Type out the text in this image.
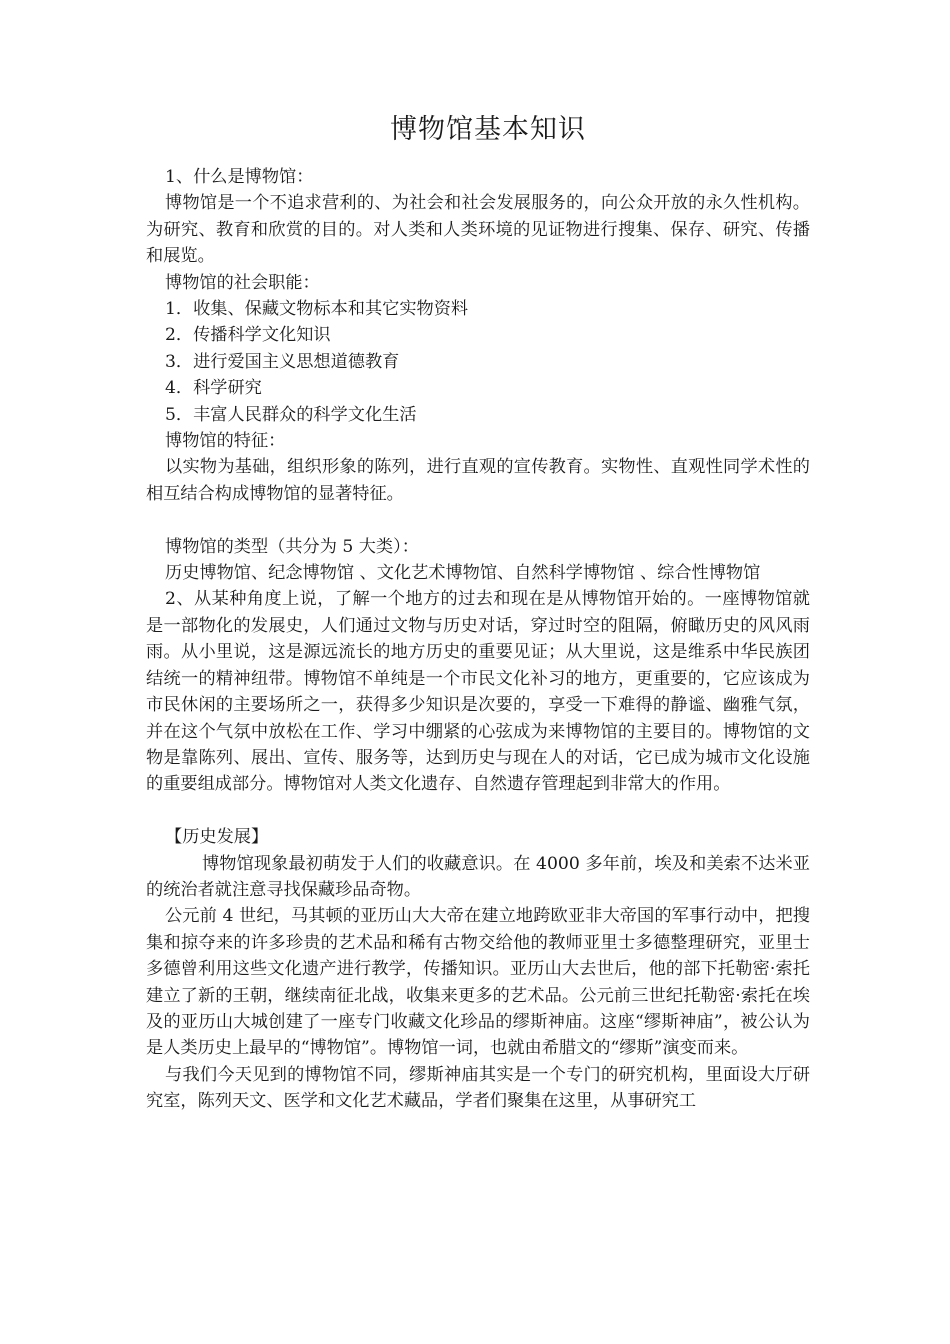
博物馆基本知识

1、什么是博物馆：

博物馆是一个不追求营利的、为社会和社会发展服务的，向公众开放的永久性机构。为研究、教育和欣赏的目的。对人类和人类环境的见证物进行搜集、保存、研究、传播和展览。

博物馆的社会职能：

1．收集、保藏文物标本和其它实物资料

2．传播科学文化知识

3．进行爱国主义思想道德教育

4．科学研究

5．丰富人民群众的科学文化生活

博物馆的特征：

以实物为基础，组织形象的陈列，进行直观的宣传教育。实物性、直观性同学术性的相互结合构成博物馆的显著特征。

博物馆的类型（共分为 5 大类）：

历史博物馆、纪念博物馆 、文化艺术博物馆、自然科学博物馆 、综合性博物馆

2、从某种角度上说，了解一个地方的过去和现在是从博物馆开始的。一座博物馆就是一部物化的发展史，人们通过文物与历史对话，穿过时空的阻隔，俯瞰历史的风风雨雨。从小里说，这是源远流长的地方历史的重要见证；从大里说，这是维系中华民族团结统一的精神纽带。博物馆不单纯是一个市民文化补习的地方，更重要的，它应该成为市民休闲的主要场所之一，获得多少知识是次要的，享受一下难得的静谧、幽雅气氛，并在这个气氛中放松在工作、学习中绷紧的心弦成为来博物馆的主要目的。博物馆的文物是靠陈列、展出、宣传、服务等，达到历史与现在人的对话，它已成为城市文化设施的重要组成部分。博物馆对人类文化遗存、自然遗存管理起到非常大的作用。

【历史发展】

博物馆现象最初萌发于人们的收藏意识。在 4000 多年前，埃及和美索不达米亚的统治者就注意寻找保藏珍品奇物。

公元前 4 世纪，马其顿的亚历山大大帝在建立地跨欧亚非大帝国的军事行动中，把搜集和掠夺来的许多珍贵的艺术品和稀有古物交给他的教师亚里士多德整理研究，亚里士多德曾利用这些文化遗产进行教学，传播知识。亚历山大去世后，他的部下托勒密·索托建立了新的王朝，继续南征北战，收集来更多的艺术品。公元前三世纪托勒密·索托在埃及的亚历山大城创建了一座专门收藏文化珍品的缪斯神庙。这座“缪斯神庙”，被公认为是人类历史上最早的“博物馆”。博物馆一词，也就由希腊文的“缪斯”演变而来。

与我们今天见到的博物馆不同，缪斯神庙其实是一个专门的研究机构，里面设大厅研究室，陈列天文、医学和文化艺术藏品，学者们聚集在这里，从事研究工
